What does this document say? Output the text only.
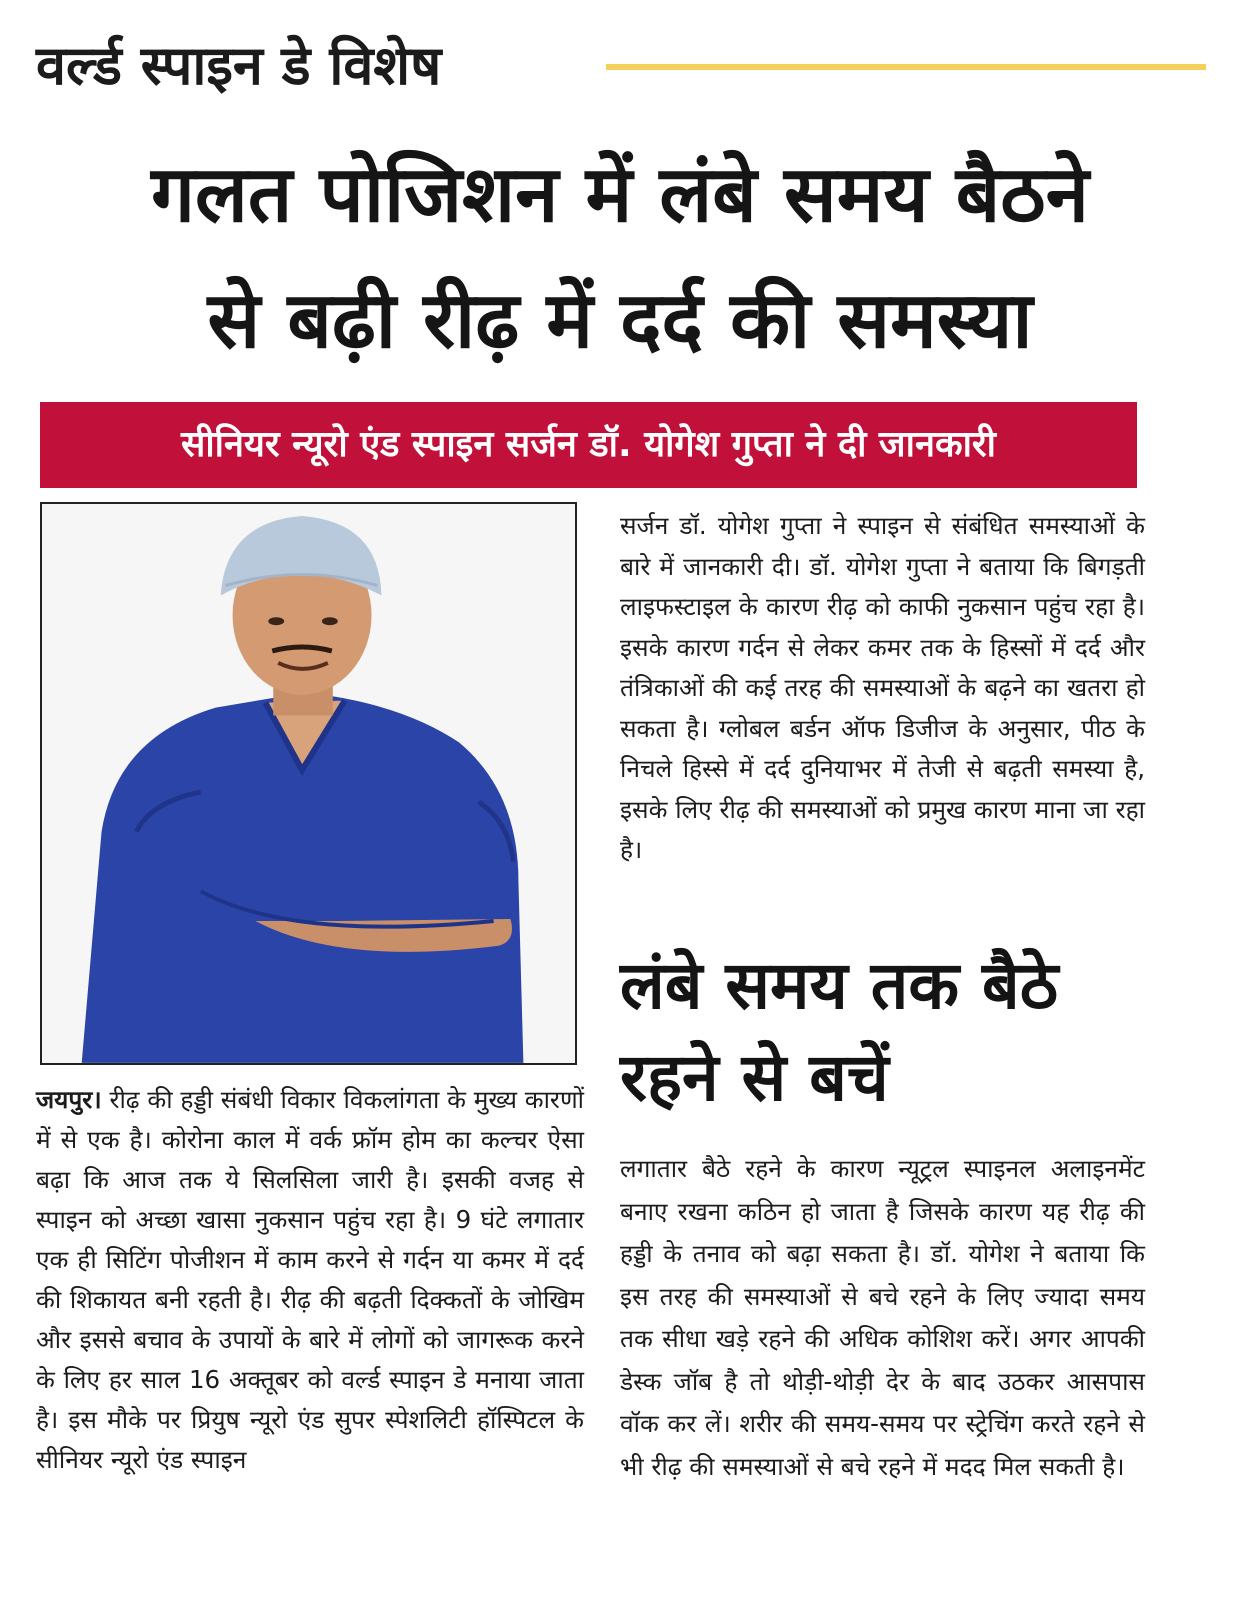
वर्ल्ड स्पाइन डे विशेष
गलत पोजिशन में लंबे समय बैठने
से बढ़ी रीढ़ में दर्द की समस्या
सीनियर न्यूरो एंड स्पाइन सर्जन डॉ. योगेश गुप्ता ने दी जानकारी

जयपुर। रीढ़ की हड्डी संबंधी विकार विकलांगता के मुख्य कारणों में से एक है। कोरोना काल में वर्क फ्रॉम होम का कल्चर ऐसा बढ़ा कि आज तक ये सिलसिला जारी है। इसकी वजह से स्पाइन को अच्छा खासा नुकसान पहुंच रहा है। 9 घंटे लगातार एक ही सिटिंग पोजीशन में काम करने से गर्दन या कमर में दर्द की शिकायत बनी रहती है। रीढ़ की बढ़ती दिक्कतों के जोखिम और इससे बचाव के उपायों के बारे में लोगों को जागरूक करने के लिए हर साल 16 अक्तूबर को वर्ल्ड स्पाइन डे मनाया जाता है। इस मौके पर प्रियुष न्यूरो एंड सुपर स्पेशलिटी हॉस्पिटल के सीनियर न्यूरो एंड स्पाइन

सर्जन डॉ. योगेश गुप्ता ने स्पाइन से संबंधित समस्याओं के बारे में जानकारी दी। डॉ. योगेश गुप्ता ने बताया कि बिगड़ती लाइफस्टाइल के कारण रीढ़ को काफी नुकसान पहुंच रहा है। इसके कारण गर्दन से लेकर कमर तक के हिस्सों में दर्द और तंत्रिकाओं की कई तरह की समस्याओं के बढ़ने का खतरा हो सकता है। ग्लोबल बर्डन ऑफ डिजीज के अनुसार, पीठ के निचले हिस्से में दर्द दुनियाभर में तेजी से बढ़ती समस्या है, इसके लिए रीढ़ की समस्याओं को प्रमुख कारण माना जा रहा है।

लंबे समय तक बैठे
रहने से बचें

लगातार बैठे रहने के कारण न्यूट्रल स्पाइनल अलाइनमेंट बनाए रखना कठिन हो जाता है जिसके कारण यह रीढ़ की हड्डी के तनाव को बढ़ा सकता है। डॉ. योगेश ने बताया कि इस तरह की समस्याओं से बचे रहने के लिए ज्यादा समय तक सीधा खड़े रहने की अधिक कोशिश करें। अगर आपकी डेस्क जॉब है तो थोड़ी-थोड़ी देर के बाद उठकर आसपास वॉक कर लें। शरीर की समय-समय पर स्ट्रेचिंग करते रहने से भी रीढ़ की समस्याओं से बचे रहने में मदद मिल सकती है।
